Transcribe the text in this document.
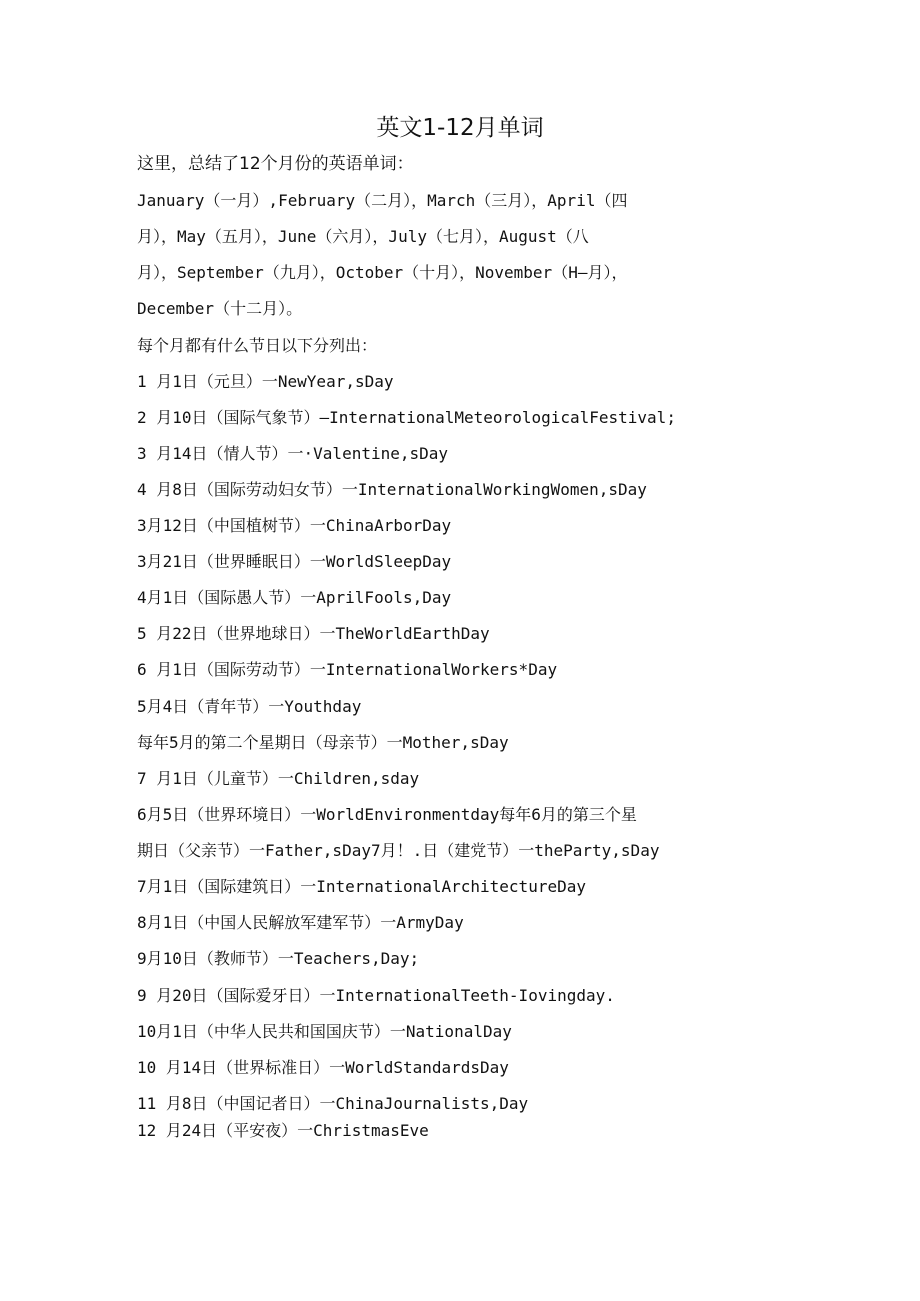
英文1-12月单词
这里，总结了12个月份的英语单词：
January（一月）,February（二月），March（三月），April（四
月），May（五月），June（六月），July（七月），August（八
月），September（九月），October（十月），November（H—月），
December（十二月）。
每个月都有什么节日以下分列出：
1 月1日（元旦）一NewYear,sDay
2 月10日（国际气象节）—InternationalMeteorologicalFestival;
3 月14日（情人节）一·Valentine,sDay
4 月8日（国际劳动妇女节）一InternationalWorkingWomen,sDay
3月12日（中国植树节）一ChinaArborDay
3月21日（世界睡眠日）一WorldSleepDay
4月1日（国际愚人节）一AprilFools,Day
5 月22日（世界地球日）一TheWorldEarthDay
6 月1日（国际劳动节）一InternationalWorkers*Day
5月4日（青年节）一Youthday
每年5月的第二个星期日（母亲节）一Mother,sDay
7 月1日（儿童节）一Children,sday
6月5日（世界环境日）一WorldEnvironmentday每年6月的第三个星
期日（父亲节）一Father,sDay7月！.日（建党节）一theParty,sDay
7月1日（国际建筑日）一InternationalArchitectureDay
8月1日（中国人民解放军建军节）一ArmyDay
9月10日（教师节）一Teachers,Day;
9 月20日（国际爱牙日）一InternationalTeeth-Iovingday.
10月1日（中华人民共和国国庆节）一NationalDay
10 月14日（世界标准日）一WorldStandardsDay
11 月8日（中国记者日）一ChinaJournalists,Day
12 月24日（平安夜）一ChristmasEve
